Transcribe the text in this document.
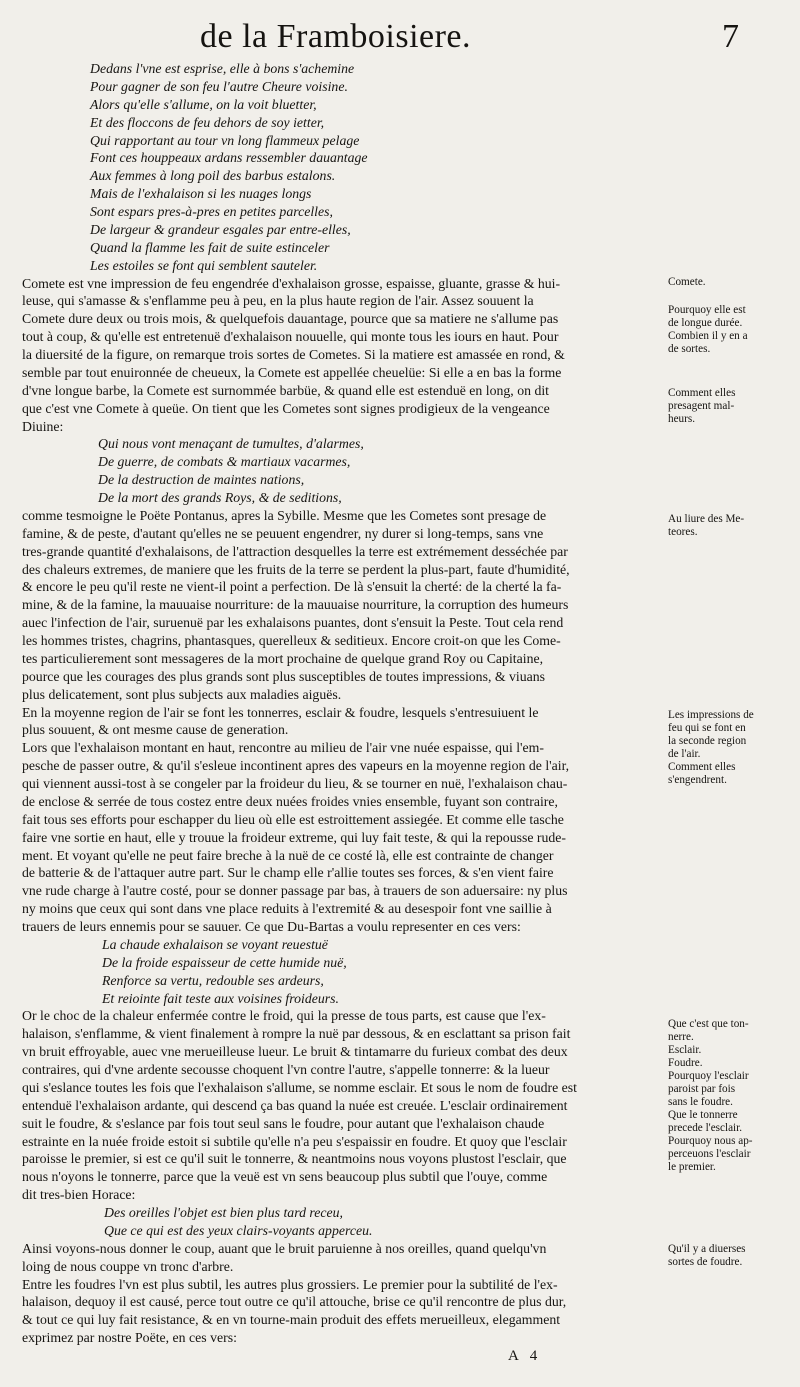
de la Framboisiere.	7
Dedans l'vne est esprise, elle à bons s'achemine
Pour gagner de son feu l'autre Cheure voisine.
Alors qu'elle s'allume, on la voit bluetter,
Et des floccons de feu dehors de soy ietter,
Qui rapportant au tour vn long flammeux pelage
Font ces houppeaux ardans ressembler dauantage
Aux femmes à long poil des barbus estalons.
Mais de l'exhalaison si les nuages longs
Sont espars pres-à-pres en petites parcelles,
De largeur & grandeur esgales par entre-elles,
Quand la flamme les fait de suite estinceler
Les estoiles se font qui semblent sauteler.
Comete est vne impression de feu engendrée d'exhalaison grosse, espaisse, gluante, grasse & hui-
leuse, qui s'amasse & s'enflamme peu à peu, en la plus haute region de l'air. Assez souuent la
Comete dure deux ou trois mois, & quelquefois dauantage, pource que sa matiere ne s'allume pas
tout à coup, & qu'elle est entretenuë d'exhalaison nouuelle, qui monte tous les iours en haut. Pour
la diuersité de la figure, on remarque trois sortes de Cometes. Si la matiere est amassée en rond, &
semble par tout enuironnée de cheueux, la Comete est appellée cheuelüe: Si elle a en bas la forme
d'vne longue barbe, la Comete est surnommée barbüe, & quand elle est estenduë en long, on dit
que c'est vne Comete à queüe. On tient que les Cometes sont signes prodigieux de la vengeance
Diuine:
Qui nous vont menaçant de tumultes, d'alarmes,
De guerre, de combats & martiaux vacarmes,
De la destruction de maintes nations,
De la mort des grands Roys, & de seditions,
comme tesmoigne le Poëte Pontanus, apres la Sybille. Mesme que les Cometes sont presage de
famine, & de peste, d'autant qu'elles ne se peuuent engendrer, ny durer si long-temps, sans vne
tres-grande quantité d'exhalaisons, de l'attraction desquelles la terre est extrémement desséchée par
des chaleurs extremes, de maniere que les fruits de la terre se perdent la plus-part, faute d'humidité,
& encore le peu qu'il reste ne vient-il point a perfection. De là s'ensuit la cherté: de la cherté la fa-
mine, & de la famine, la mauuaise nourriture: de la mauuaise nourriture, la corruption des humeurs
auec l'infection de l'air, suruenuë par les exhalaisons puantes, dont s'ensuit la Peste. Tout cela rend
les hommes tristes, chagrins, phantasques, querelleux & seditieux. Encore croit-on que les Come-
tes particulierement sont messageres de la mort prochaine de quelque grand Roy ou Capitaine,
pource que les courages des plus grands sont plus susceptibles de toutes impressions, & viuans
plus delicatement, sont plus subjects aux maladies aiguës.
En la moyenne region de l'air se font les tonnerres, esclair & foudre, lesquels s'entresuiuent le
plus souuent, & ont mesme cause de generation.
Lors que l'exhalaison montant en haut, rencontre au milieu de l'air vne nuée espaisse, qui l'em-
pesche de passer outre, & qu'il s'esleue incontinent apres des vapeurs en la moyenne region de l'air,
qui viennent aussi-tost à se congeler par la froideur du lieu, & se tourner en nuë, l'exhalaison chau-
de enclose & serrée de tous costez entre deux nuées froides vnies ensemble, fuyant son contraire,
fait tous ses efforts pour eschapper du lieu où elle est estroittement assiegée. Et comme elle tasche
faire vne sortie en haut, elle y trouue la froideur extreme, qui luy fait teste, & qui la repousse rude-
ment. Et voyant qu'elle ne peut faire breche à la nuë de ce costé là, elle est contrainte de changer
de batterie & de l'attaquer autre part. Sur le champ elle r'allie toutes ses forces, & s'en vient faire
vne rude charge à l'autre costé, pour se donner passage par bas, à trauers de son aduersaire: ny plus
ny moins que ceux qui sont dans vne place reduits à l'extremité & au desespoir font vne saillie à
trauers de leurs ennemis pour se sauuer. Ce que Du-Bartas a voulu representer en ces vers:
La chaude exhalaison se voyant reuestuë
De la froide espaisseur de cette humide nuë,
Renforce sa vertu, redouble ses ardeurs,
Et reiointe fait teste aux voisines froideurs.
Or le choc de la chaleur enfermée contre le froid, qui la presse de tous parts, est cause que l'ex-
halaison, s'enflamme, & vient finalement à rompre la nuë par dessous, & en esclattant sa prison fait
vn bruit effroyable, auec vne merueilleuse lueur. Le bruit & tintamarre du furieux combat des deux
contraires, qui d'vne ardente secousse choquent l'vn contre l'autre, s'appelle tonnerre: & la lueur
qui s'eslance toutes les fois que l'exhalaison s'allume, se nomme esclair. Et sous le nom de foudre est
entenduë l'exhalaison ardante, qui descend ça bas quand la nuée est creuée. L'esclair ordinairement
suit le foudre, & s'eslance par fois tout seul sans le foudre, pour autant que l'exhalaison chaude
estrainte en la nuée froide estoit si subtile qu'elle n'a peu s'espaissir en foudre. Et quoy que l'esclair
paroisse le premier, si est ce qu'il suit le tonnerre, & neantmoins nous voyons plustost l'esclair, que
nous n'oyons le tonnerre, parce que la veuë est vn sens beaucoup plus subtil que l'ouye, comme
dit tres-bien Horace:
Des oreilles l'objet est bien plus tard receu,
Que ce qui est des yeux clairs-voyants apperceu.
Ainsi voyons-nous donner le coup, auant que le bruit paruienne à nos oreilles, quand quelqu'vn
loing de nous couppe vn tronc d'arbre.
Entre les foudres l'vn est plus subtil, les autres plus grossiers. Le premier pour la subtilité de l'ex-
halaison, dequoy il est causé, perce tout outre ce qu'il attouche, brise ce qu'il rencontre de plus dur,
& tout ce qui luy fait resistance, & en vn tourne-main produit des effets merueilleux, elegamment
exprimez par nostre Poëte, en ces vers:
Comete.
Pourquoy elle est
de longue durée.
Combien il y en a
de sortes.
Comment elles
presagent mal-
heurs.
Au liure des Me-
teores.
Les impressions de
feu qui se font en
la seconde region
de l'air.
Comment elles
s'engendrent.
Que c'est que ton-
nerre.
Esclair.
Foudre.
Pourquoy l'esclair
paroist par fois
sans le foudre.
Que le tonnerre
precede l'esclair.
Pourquoy nous ap-
perceuons l'esclair
le premier.
Qu'il y a diuerses
sortes de foudre.
A 4
